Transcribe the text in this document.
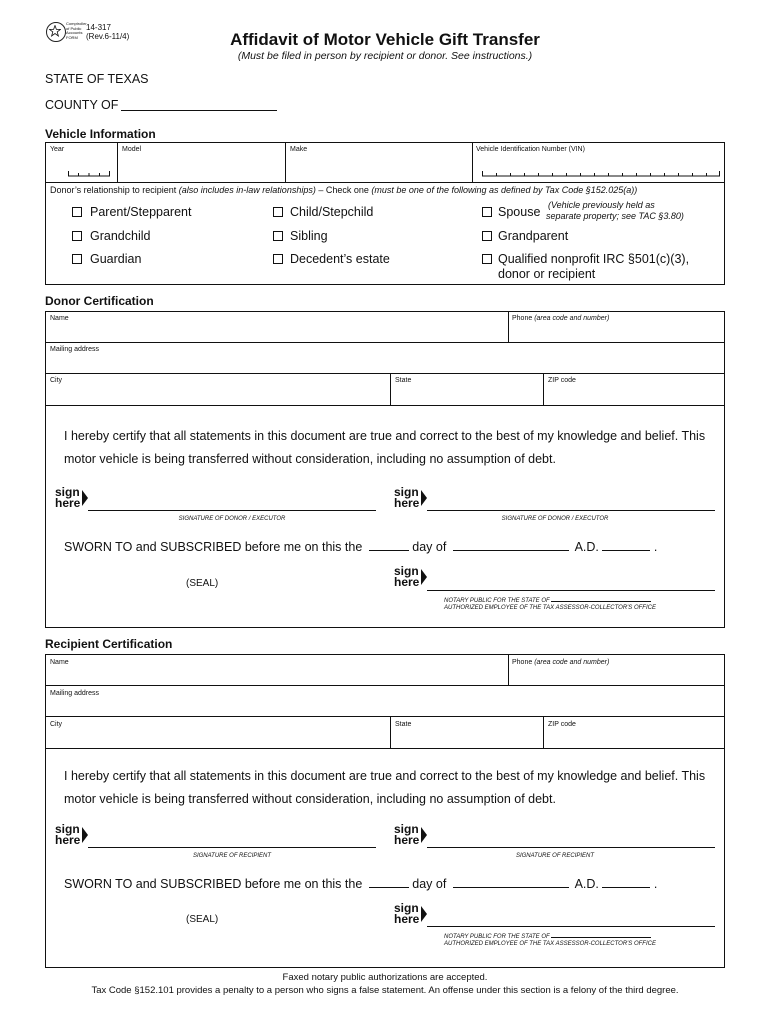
Comptroller of Public Accounts FORM
14-317
(Rev.6-11/4)	Affidavit of Motor Vehicle Gift Transfer
(Must be filed in person by recipient or donor. See instructions.)
STATE OF TEXAS
COUNTY OF
Vehicle Information
Year	Model	Make	Vehicle Identification Number (VIN)
Donor’s relationship to recipient (also includes in-law relationships) – Check one (must be one of the following as defined by Tax Code §152.025(a))
Parent/Stepparent	Child/Stepchild	Spouse (Vehicle previously held as
separate property; see TAC §3.80)
Grandchild	Sibling	Grandparent
Guardian	Decedent’s estate	Qualified nonprofit IRC §501(c)(3),
donor or recipient
Donor Certification
Name	Phone (area code and number)
Mailing address
City	State	ZIP code
I hereby certify that all statements in this document are true and correct to the best of my knowledge and belief. This
motor vehicle is being transferred without consideration, including no assumption of debt.
sign
here
SIGNATURE OF DONOR / EXECUTOR
sign
here
SIGNATURE OF DONOR / EXECUTOR
SWORN TO and SUBSCRIBED before me on this the	day of	A.D.	.
(SEAL)
sign
here
NOTARY PUBLIC FOR THE STATE OF
AUTHORIZED EMPLOYEE OF THE TAX ASSESSOR-COLLECTOR'S OFFICE
Recipient Certification
Name	Phone (area code and number)
Mailing address
City	State	ZIP code
I hereby certify that all statements in this document are true and correct to the best of my knowledge and belief. This
motor vehicle is being transferred without consideration, including no assumption of debt.
sign
here
SIGNATURE OF RECIPIENT
sign
here
SIGNATURE OF RECIPIENT
SWORN TO and SUBSCRIBED before me on this the	day of	A.D.	.
(SEAL)
sign
here
NOTARY PUBLIC FOR THE STATE OF
AUTHORIZED EMPLOYEE OF THE TAX ASSESSOR-COLLECTOR'S OFFICE
Faxed notary public authorizations are accepted.
Tax Code §152.101 provides a penalty to a person who signs a false statement. An offense under this section is a felony of the third degree.
